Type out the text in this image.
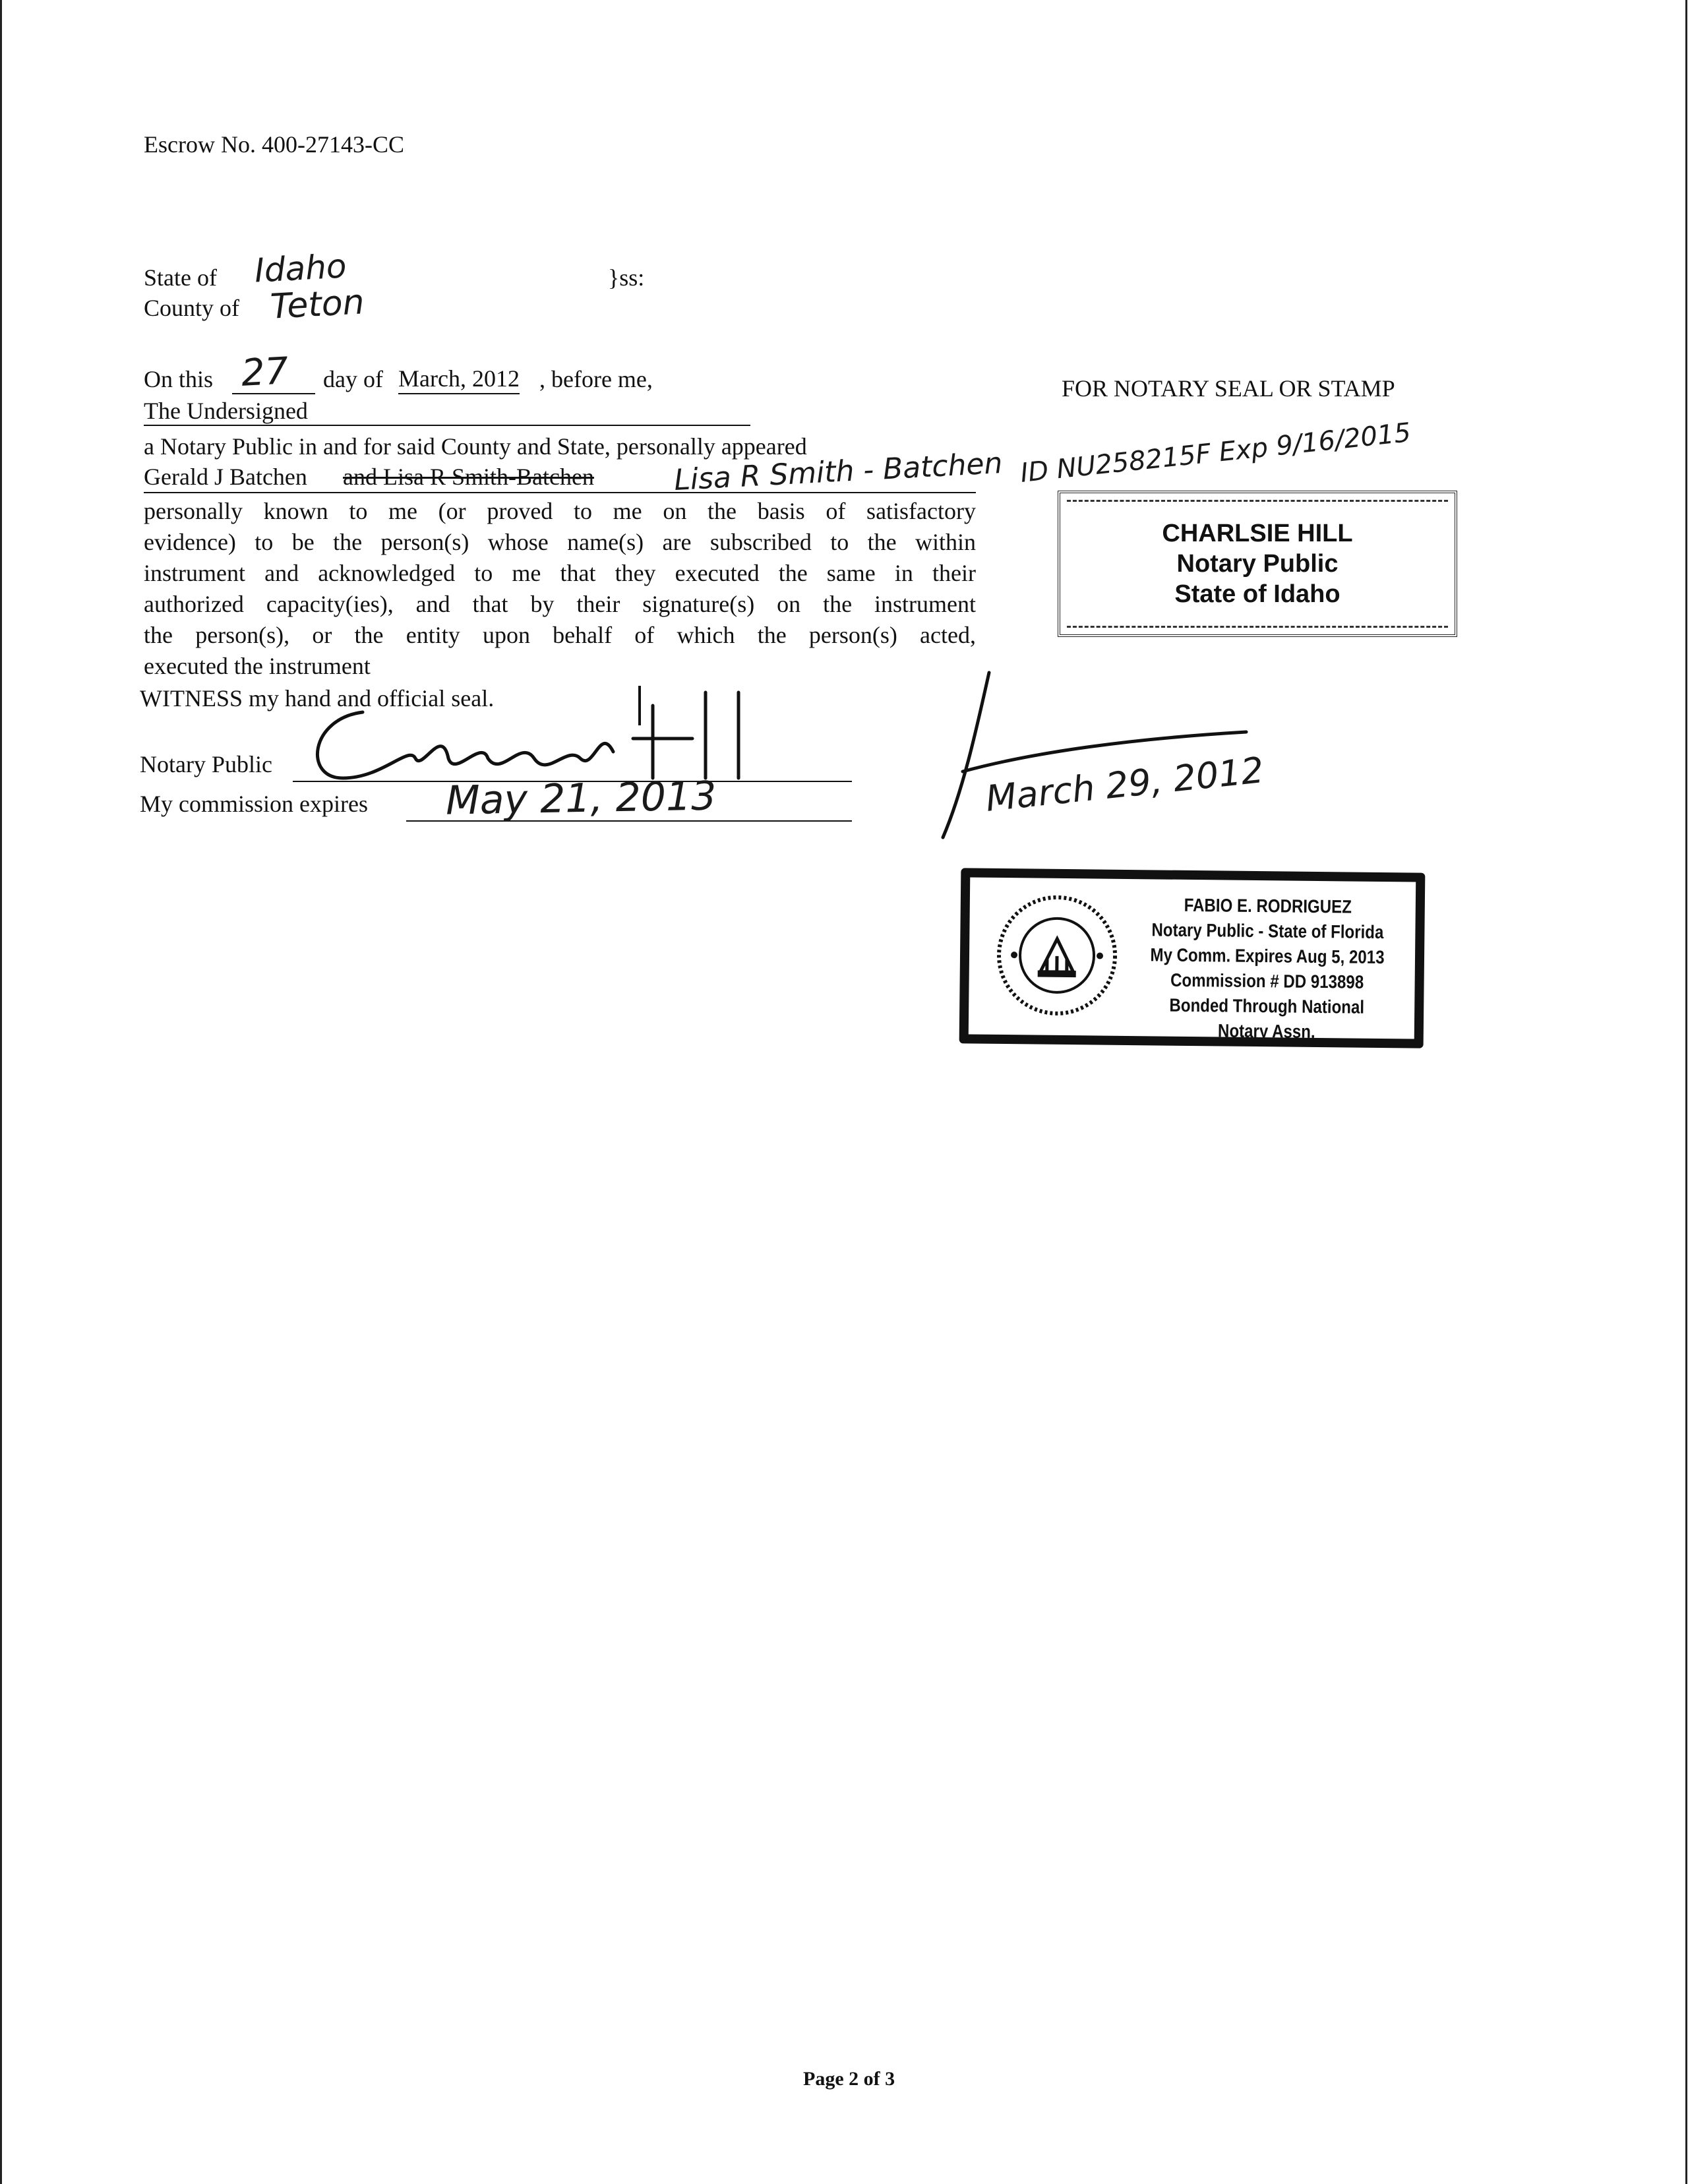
Escrow No. 400-27143-CC
State of Idaho
County of Teton
}ss:
On this 27 day of March, 2012 , before me,
The Undersigned
a Notary Public in and for said County and State, personally appeared
Gerald J Batchen and Lisa R Smith-Batchen	Lisa R Smith - Batchen ID NU258215F Exp 9/16/2015
personally known to me (or proved to me on the basis of satisfactory
evidence) to be the person(s) whose name(s) are subscribed to the within
instrument and acknowledged to me that they executed the same in their
authorized capacity(ies), and that by their signature(s) on the instrument
the person(s), or the entity upon behalf of which the person(s) acted,
executed the instrument
WITNESS my hand and official seal.
Notary Public
My commission expires May 21, 2013
FOR NOTARY SEAL OR STAMP
CHARLSIE HILL
Notary Public
State of Idaho
March 29, 2012
FABIO E. RODRIGUEZ
Notary Public - State of Florida
My Comm. Expires Aug 5, 2013
Commission # DD 913898
Bonded Through National Notary Assn.
Page 2 of 3
